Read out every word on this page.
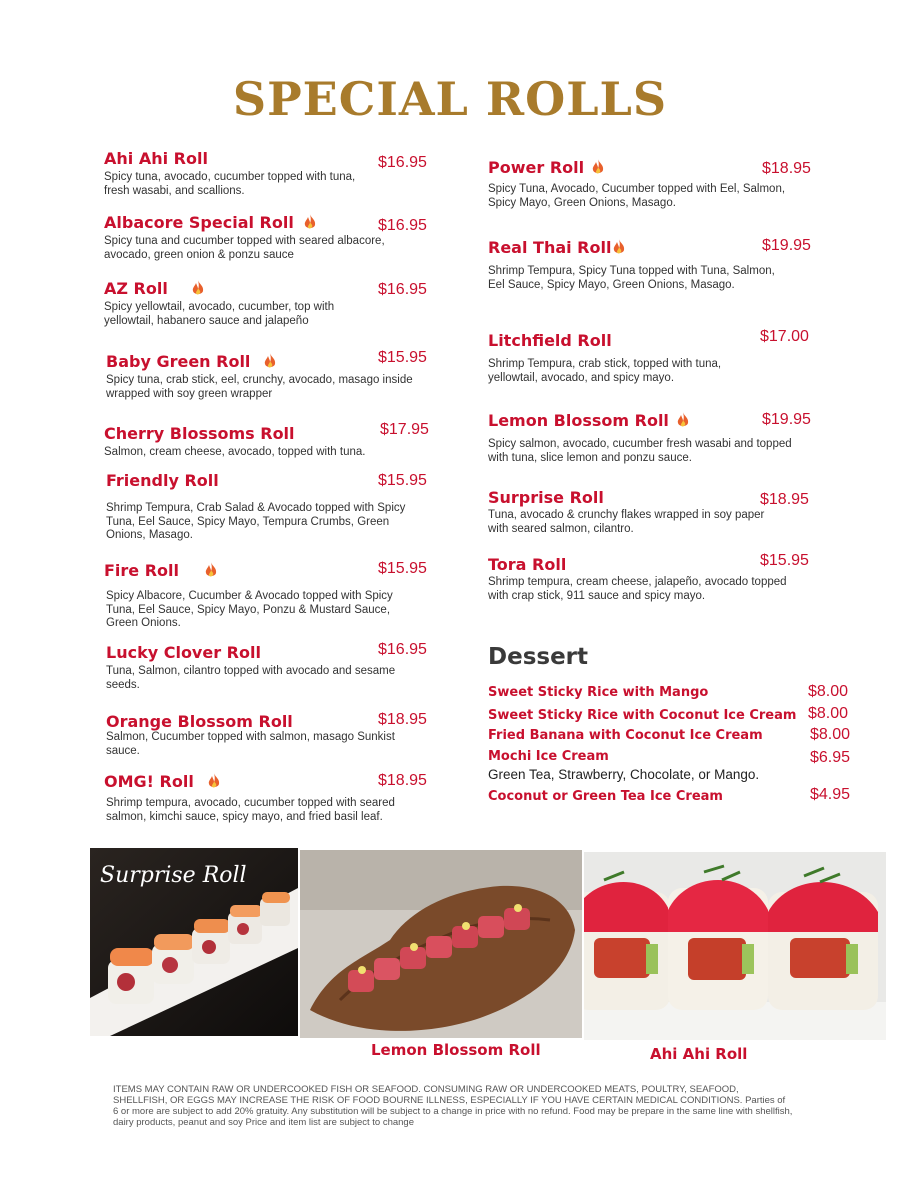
SPECIAL ROLLS
Ahi Ahi Roll
Spicy tuna, avocado, cucumber topped with tuna, fresh wasabi, and scallions.
$16.95
Albacore Special Roll
Spicy tuna and cucumber topped with seared albacore, avocado, green onion & ponzu sauce
$16.95
AZ Roll
Spicy yellowtail, avocado, cucumber, top with yellowtail, habanero sauce and jalapeño
$16.95
Baby Green Roll
Spicy tuna, crab stick, eel, crunchy, avocado, masago inside wrapped with soy green wrapper
$15.95
Cherry Blossoms Roll
Salmon, cream cheese, avocado, topped with tuna.
$17.95
Friendly Roll
Shrimp Tempura, Crab Salad & Avocado topped with Spicy Tuna, Eel Sauce, Spicy Mayo, Tempura Crumbs, Green Onions, Masago.
$15.95
Fire Roll
Spicy Albacore, Cucumber & Avocado topped with Spicy Tuna, Eel Sauce, Spicy Mayo, Ponzu & Mustard Sauce, Green Onions.
$15.95
Lucky Clover Roll
Tuna, Salmon, cilantro topped with avocado and sesame seeds.
$16.95
Orange Blossom Roll
Salmon, Cucumber topped with salmon, masago Sunkist sauce.
$18.95
OMG! Roll
Shrimp tempura, avocado, cucumber topped with seared salmon, kimchi sauce, spicy mayo, and fried basil leaf.
$18.95
Power Roll
Spicy Tuna, Avocado, Cucumber topped with Eel, Salmon, Spicy Mayo, Green Onions, Masago.
$18.95
Real Thai Roll
Shrimp Tempura, Spicy Tuna topped with Tuna, Salmon, Eel Sauce, Spicy Mayo, Green Onions, Masago.
$19.95
Litchfield Roll
Shrimp Tempura, crab stick, topped with tuna, yellowtail, avocado, and spicy mayo.
$17.00
Lemon Blossom Roll
Spicy salmon, avocado, cucumber fresh wasabi and topped with tuna, slice lemon and ponzu sauce.
$19.95
Surprise Roll
Tuna, avocado & crunchy flakes wrapped in soy paper with seared salmon, cilantro.
$18.95
Tora Roll
Shrimp tempura, cream cheese, jalapeño, avocado topped with crap stick, 911 sauce and spicy mayo.
$15.95
Dessert
Sweet Sticky Rice with Mango	$8.00
Sweet Sticky Rice with Coconut Ice Cream $8.00
Fried Banana with Coconut Ice Cream	$8.00
Mochi Ice Cream	$6.95
Green Tea, Strawberry, Chocolate, or Mango.
Coconut or Green Tea Ice Cream	$4.95
Surprise Roll
Lemon Blossom Roll	Ahi Ahi Roll
ITEMS MAY CONTAIN RAW OR UNDERCOOKED FISH OR SEAFOOD. CONSUMING RAW OR UNDERCOOKED MEATS, POULTRY, SEAFOOD, SHELLFISH, OR EGGS MAY INCREASE THE RISK OF FOOD BOURNE ILLNESS, ESPECIALLY IF YOU HAVE CERTAIN MEDICAL CONDITIONS. Parties of 6 or more are subject to add 20% gratuity. Any substitution will be subject to a change in price with no refund. Food may be prepare in the same line with shellfish, dairy products, peanut and soy Price and item list are subject to change
